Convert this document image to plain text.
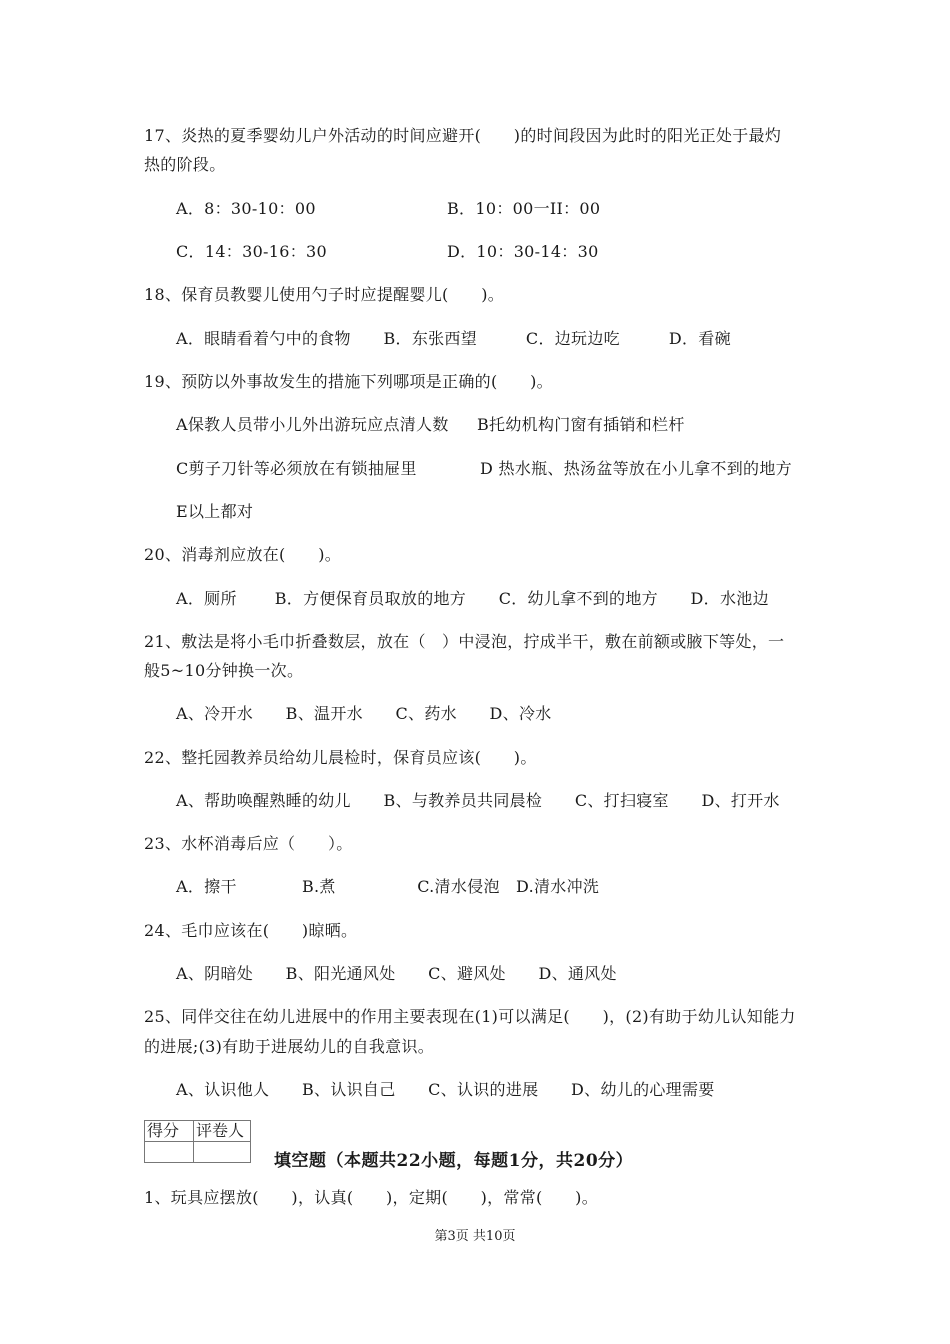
17、炎热的夏季婴幼儿户外活动的时间应避开(　　)的时间段因为此时的阳光正处于最灼
热的阶段。
A．8：30-10：00	B．10：00一II：00
C．14：30-16：30	D．10：30-14：30
18、保育员教婴儿使用勺子时应提醒婴儿(　　)。
A．眼睛看着勺中的食物　　B．东张西望　　　C．边玩边吃　　　D．看碗
19、预防以外事故发生的措施下列哪项是正确的(　　)。
A保教人员带小儿外出游玩应点清人数 B托幼机构门窗有插销和栏杆
C剪子刀针等必须放在有锁抽屉里	D 热水瓶、热汤盆等放在小儿拿不到的地方
E以上都对
20、消毒剂应放在(　　)。
A．厕所　　 B．方便保育员取放的地方　　C．幼儿拿不到的地方　　D．水池边
21、敷法是将小毛巾折叠数层，放在（　）中浸泡，拧成半干，敷在前额或腋下等处，一
般5~10分钟换一次。
A、冷开水　　B、温开水　　C、药水　　D、冷水
22、整托园教养员给幼儿晨检时，保育员应该(　　)。
A、帮助唤醒熟睡的幼儿　　B、与教养员共同晨检　　C、打扫寝室　　D、打开水
23、水杯消毒后应（　　）。
A．擦干　　　　B.煮　　　　　C.清水侵泡　D.清水冲洗
24、毛巾应该在(　　)晾晒。
A、阴暗处　　B、阳光通风处　　C、避风处　　D、通风处
25、同伴交往在幼儿进展中的作用主要表现在(1)可以满足(　　)，(2)有助于幼儿认知能力
的进展;(3)有助于进展幼儿的自我意识。
A、认识他人　　B、认识自己　　C、认识的进展　　D、幼儿的心理需要
得分	评卷人

填空题（本题共22小题，每题1分，共20分）
1、玩具应摆放(　　)，认真(　　)，定期(　　)，常常(　　)。
第3页 共10页
